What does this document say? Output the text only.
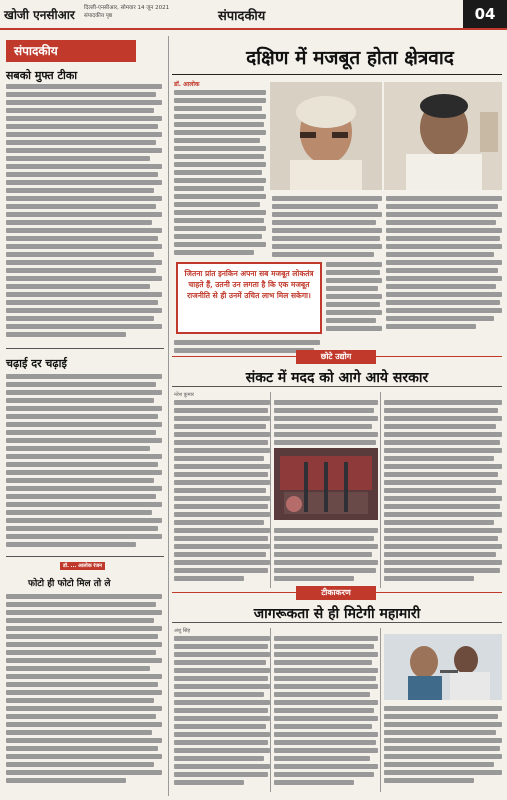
खोजी एनसीआर दिल्ली-एनसीआर, सोमवार 14 जून 2021
संपादकीय पृष्ठ	संपादकीय	04
संपादकीय
सबको मुफ्त टीका
चढ़ाई दर चढ़ाई
डॉ. ... आलोक रंजन
फोटो ही फोटो मिल तो ले
दक्षिण में मजबूत होता क्षेत्रवाद
डॉ. आलोक
जितना प्रांत इनकिन अपना सब मजबूत लोकतंत्र चाहते हैं, उतनी उन लगता है कि एक मजबूत राजनीति से ही उनमें उचित लाभ मिल सकेगा।
छोटे उद्योग
संकट में मदद को आगे आये सरकार
नरेश कुमार
टीकाकरण
जागरूकता से ही मिटेगी महामारी
अंशु सिंह
